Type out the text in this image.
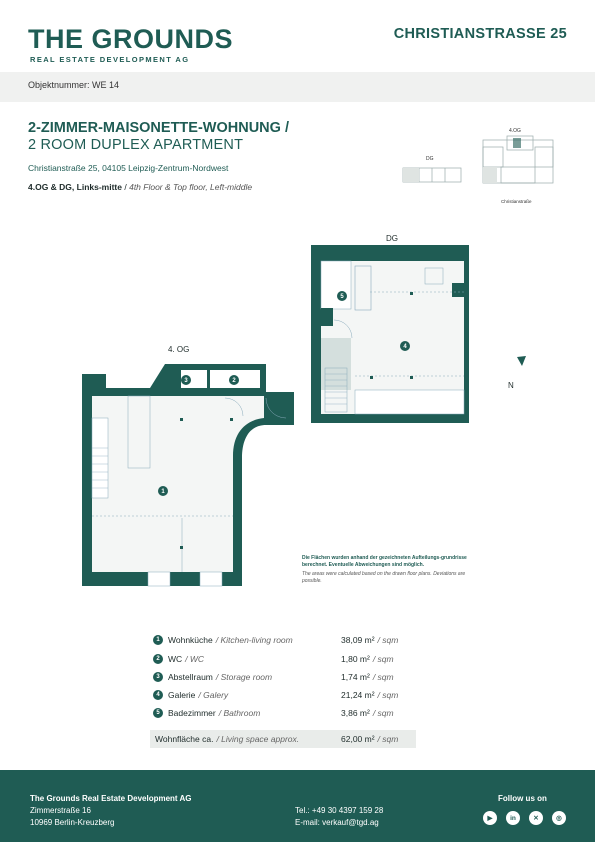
THE GROUNDS
REAL ESTATE DEVELOPMENT AG
CHRISTIANSTRASSE 25
Objektnummer: WE 14
2-ZIMMER-MAISONETTE-WOHNUNG /
2 ROOM DUPLEX APARTMENT
Christianstraße 25, 04105 Leipzig-Zentrum-Nordwest
4.OG & DG, Links-mitte / 4th Floor & Top floor, Left-middle
4.OG
DG
Christianstraße
DG
4. OG
1
2
3
4
5
N
Die Flächen wurden anhand der gezeichneten Aufteilungs-grundrisse berechnet. Eventuelle Abweichungen sind möglich.
The areas were calculated based on the drawn floor plans. Deviations are possible.
1 Wohnküche / Kitchen-living room	38,09 m² / sqm
2 WC / WC	1,80 m² / sqm
3 Abstellraum / Storage room	1,74 m² / sqm
4 Galerie / Galery	21,24 m² / sqm
5 Badezimmer / Bathroom	3,86 m² / sqm
Wohnfläche ca. / Living space approx.	62,00 m² / sqm
The Grounds Real Estate Development AG
Zimmerstraße 16
10969 Berlin-Kreuzberg
Tel.: +49 30 4397 159 28
E-mail: verkauf@tgd.ag
Follow us on
▶	in	✕	◎
